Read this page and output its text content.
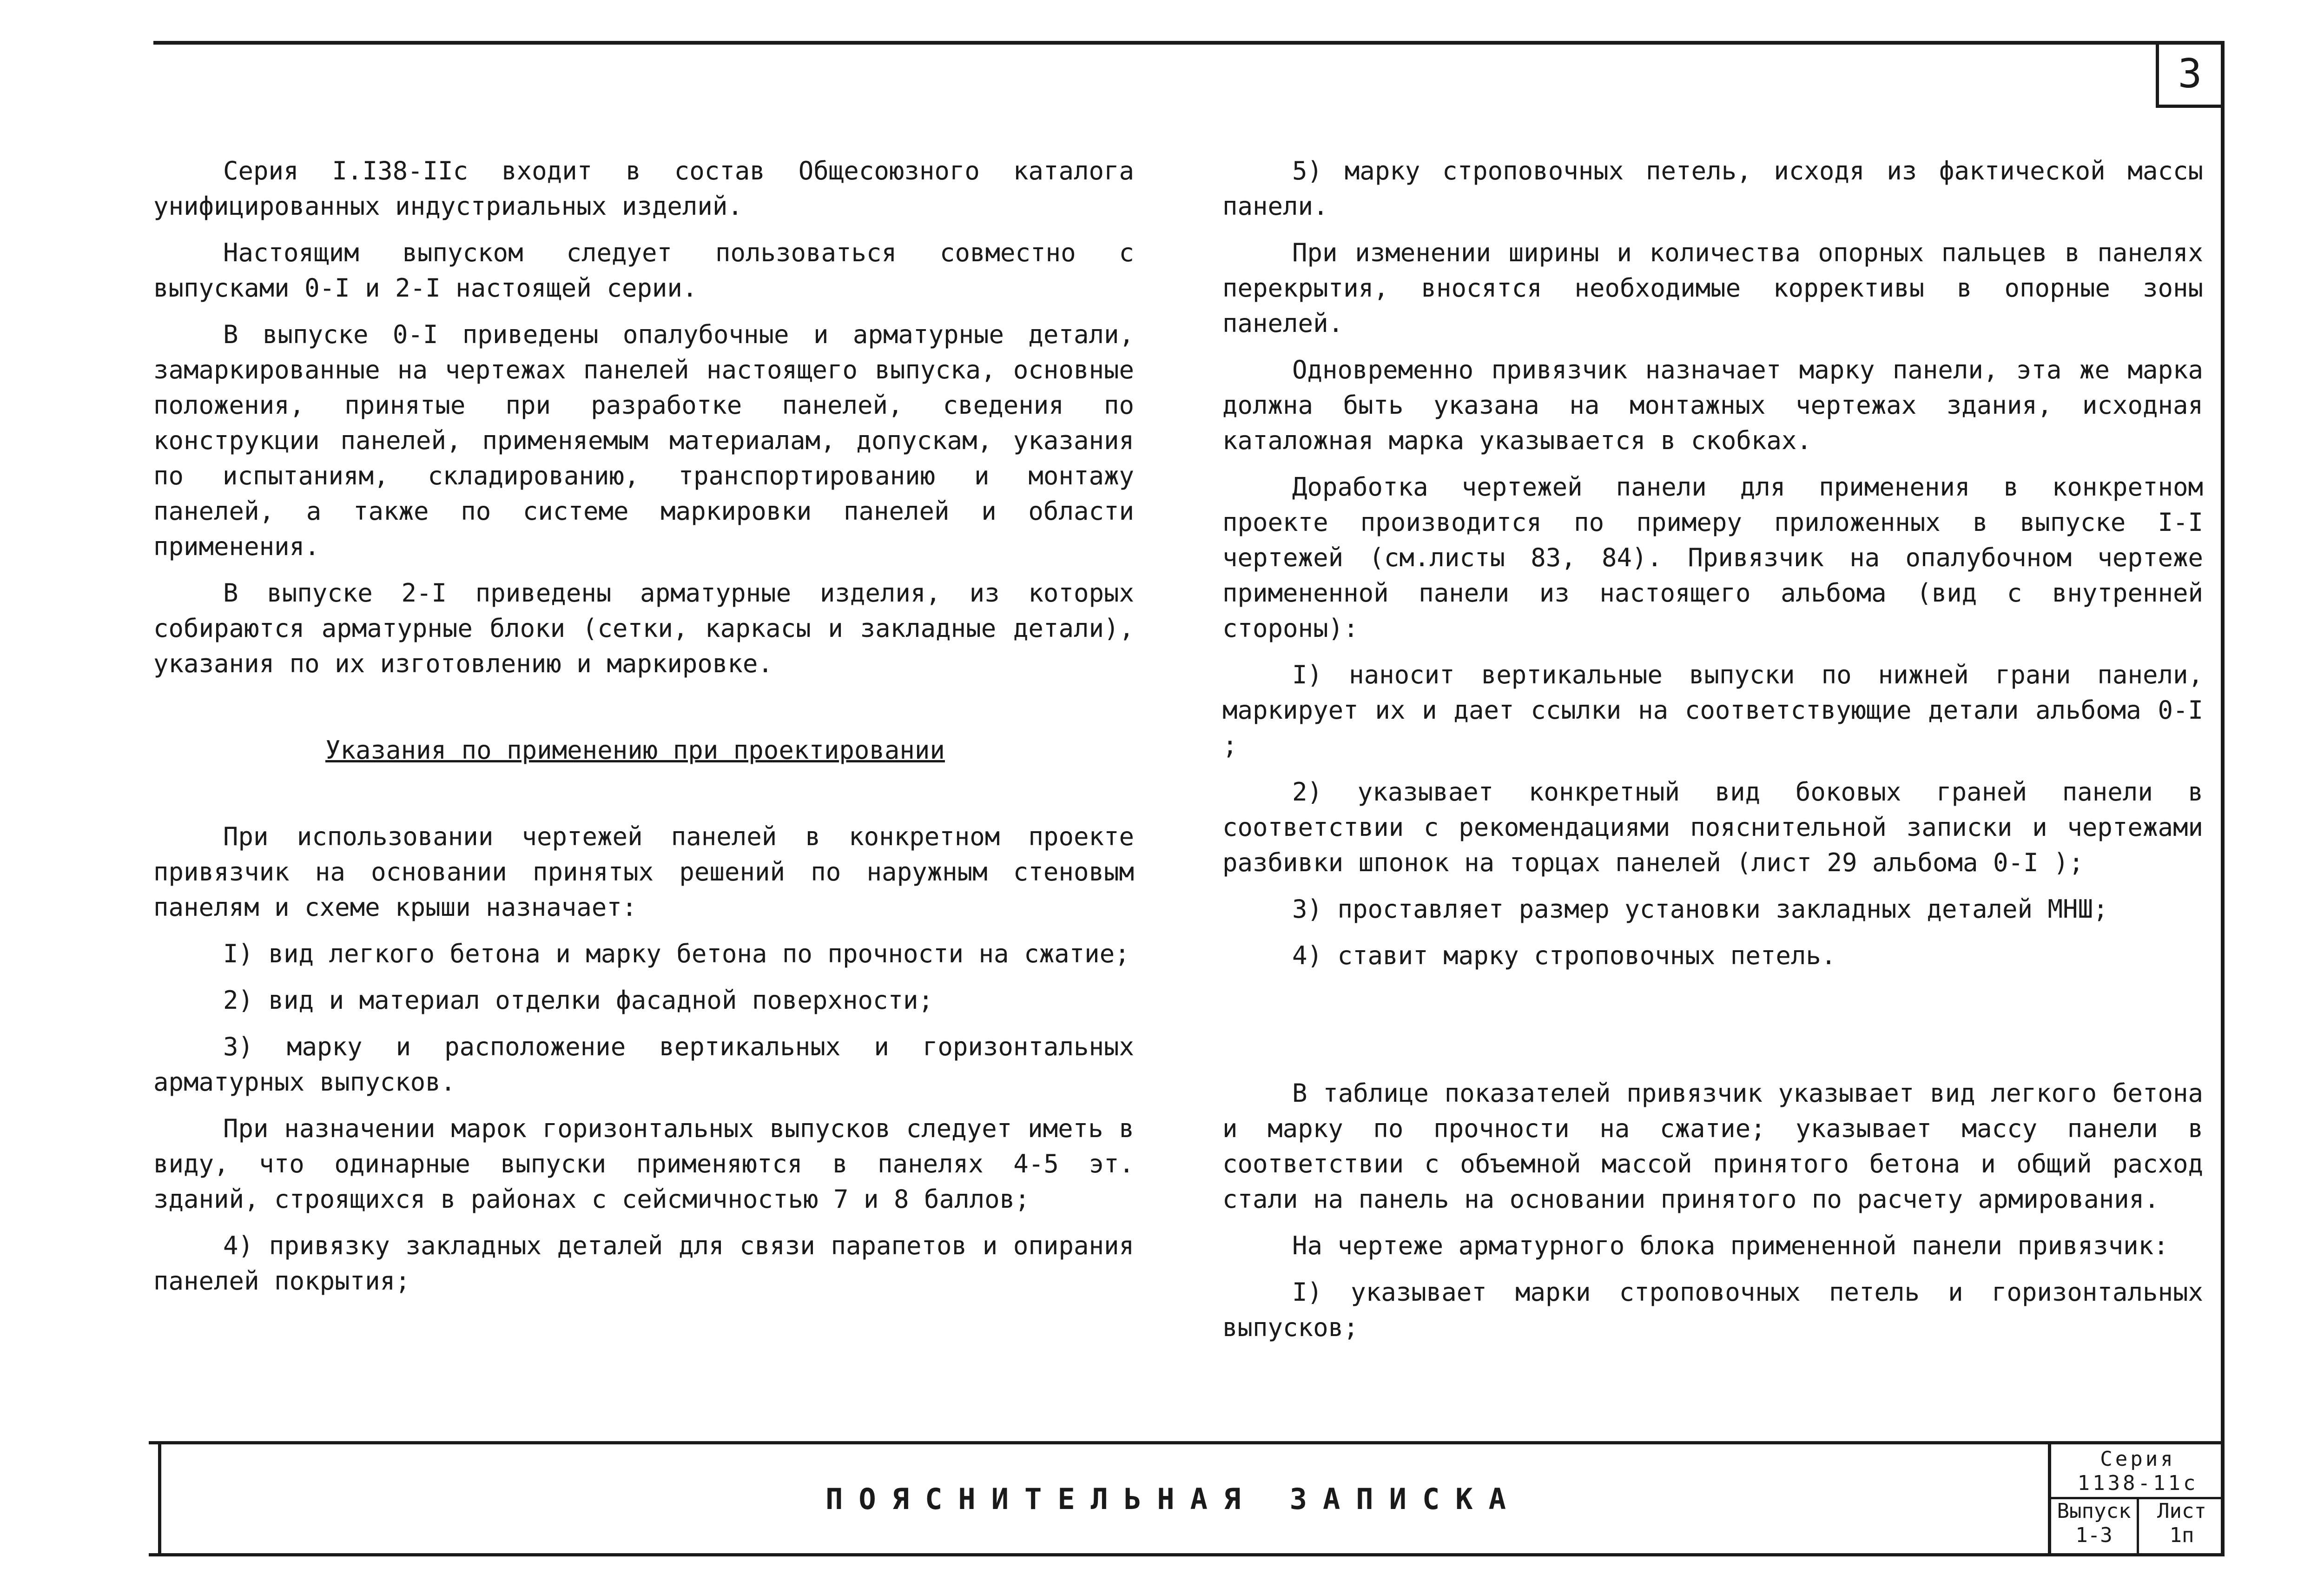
3

Серия I.I38-IIc входит в состав Общесоюзного каталога унифицированных индустриальных изделий.

Настоящим выпуском следует пользоваться совместно с выпусками 0-I и 2-I настоящей серии.

В выпуске 0-I приведены опалубочные и арматурные детали, замаркированные на чертежах панелей настоящего выпуска, основные положения, принятые при разработке панелей, сведения по конструкции панелей, применяемым материалам, допускам, указания по испытаниям, складированию, транспортированию и монтажу панелей, а также по системе маркировки панелей и области применения.

В выпуске 2-I приведены арматурные изделия, из которых собираются арматурные блоки (сетки, каркасы и закладные детали), указания по их изготовлению и маркировке.

Указания по применению при проектировании

При использовании чертежей панелей в конкретном проекте привязчик на основании принятых решений по наружным стеновым панелям и схеме крыши назначает:

I) вид легкого бетона и марку бетона по прочности на сжатие;

2) вид и материал отделки фасадной поверхности;

3) марку и расположение вертикальных и горизонтальных арматурных выпусков.

При назначении марок горизонтальных выпусков следует иметь в виду, что одинарные выпуски применяются в панелях 4-5 эт. зданий, строящихся в районах с сейсмичностью 7 и 8 баллов;

4) привязку закладных деталей для связи парапетов и опирания панелей покрытия;

5) марку строповочных петель, исходя из фактической массы панели.

При изменении ширины и количества опорных пальцев в панелях перекрытия, вносятся необходимые коррективы в опорные зоны панелей.

Одновременно привязчик назначает марку панели, эта же марка должна быть указана на монтажных чертежах здания, исходная каталожная марка указывается в скобках.

Доработка чертежей панели для применения в конкретном проекте производится по примеру приложенных в выпуске I-I чертежей (см.листы 83, 84). Привязчик на опалубочном чертеже примененной панели из настоящего альбома (вид с внутренней стороны):

I) наносит вертикальные выпуски по нижней грани панели, маркирует их и дает ссылки на соответствующие детали альбома 0-I ;

2) указывает конкретный вид боковых граней панели в соответствии с рекомендациями пояснительной записки и чертежами разбивки шпонок на торцах панелей (лист 29 альбома 0-I );

3) проставляет размер установки закладных деталей МНШ;

4) ставит марку строповочных петель.

В таблице показателей привязчик указывает вид легкого бетона и марку по прочности на сжатие; указывает массу панели в соответствии с объемной массой принятого бетона и общий расход стали на панель на основании принятого по расчету армирования.

На чертеже арматурного блока примененной панели привязчик:

I) указывает марки строповочных петель и горизонтальных выпусков;

ПОЯСНИТЕЛЬНАЯ ЗАПИСКА
Серия
1138-11c
Выпуск
1-3
Лист
1п
